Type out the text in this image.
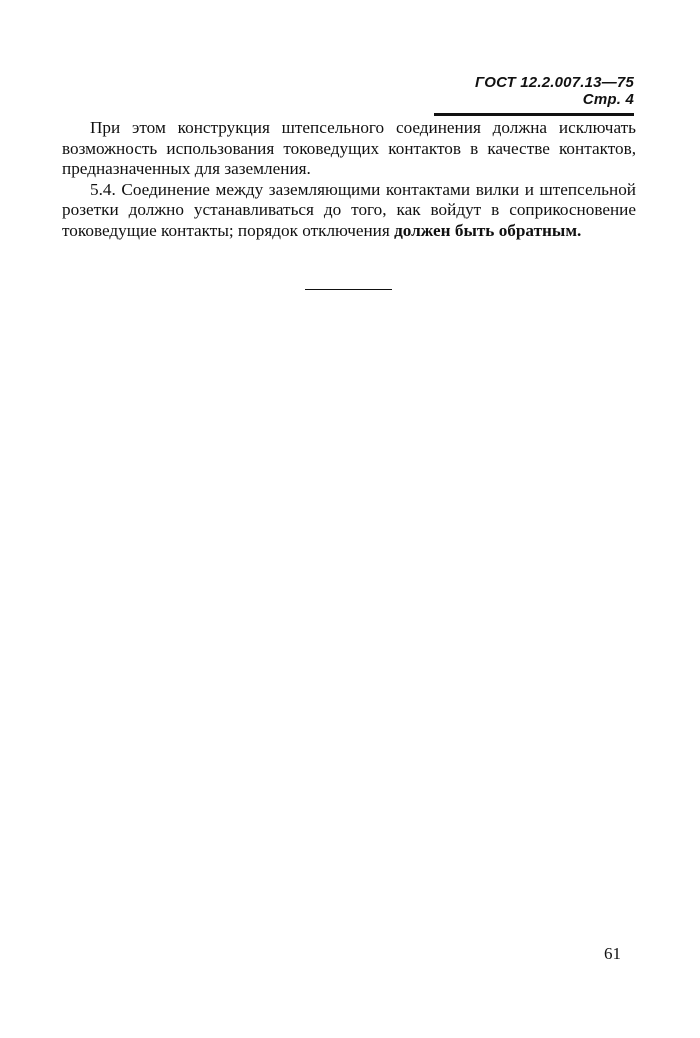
ГОСТ 12.2.007.13—75 Стр. 4

При этом конструкция штепсельного соединения должна исключать возможность использования токоведущих контактов в качестве контактов, предназначенных для заземления.

5.4. Соединение между заземляющими контактами вилки и штепсельной розетки должно устанавливаться до того, как войдут в соприкосновение токоведущие контакты; порядок отключения должен быть обратным.

61
